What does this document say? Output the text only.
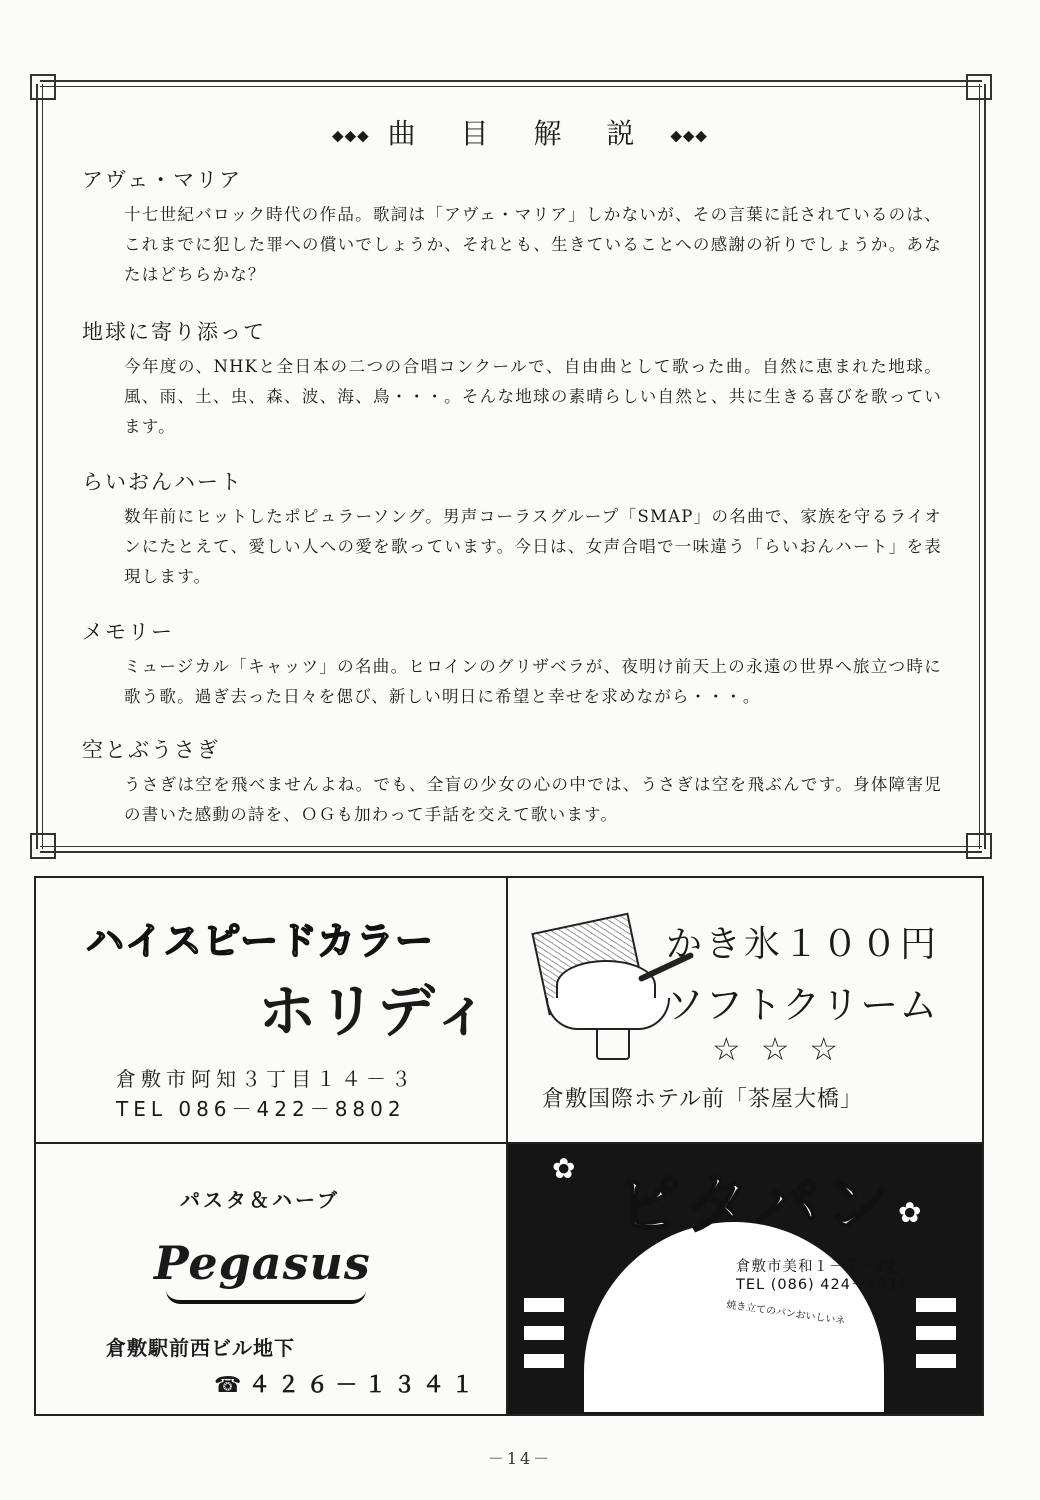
◆◆◆ 曲 目 解 説 ◆◆◆
アヴェ・マリア

十七世紀バロック時代の作品。歌詞は「アヴェ・マリア」しかないが、その言葉に託されているのは、これまでに犯した罪への償いでしょうか、それとも、生きていることへの感謝の祈りでしょうか。あなたはどちらかな？

地球に寄り添って

今年度の、NHKと全日本の二つの合唱コンクールで、自由曲として歌った曲。自然に恵まれた地球。風、雨、土、虫、森、波、海、鳥・・・。そんな地球の素晴らしい自然と、共に生きる喜びを歌っています。

らいおんハート

数年前にヒットしたポピュラーソング。男声コーラスグループ「SMAP」の名曲で、家族を守るライオンにたとえて、愛しい人への愛を歌っています。今日は、女声合唱で一味違う「らいおんハート」を表現します。

メモリー

ミュージカル「キャッツ」の名曲。ヒロインのグリザベラが、夜明け前天上の永遠の世界へ旅立つ時に歌う歌。過ぎ去った日々を偲び、新しい明日に希望と幸せを求めながら・・・。

空とぶうさぎ

うさぎは空を飛べませんよね。でも、全盲の少女の心の中では、うさぎは空を飛ぶんです。身体障害児の書いた感動の詩を、ＯＧも加わって手話を交えて歌います。

ハイスピードカラー
ホリディ
倉敷市阿知３丁目１４－３
TEL 086－422－8802
かき氷１００円
ソフトクリーム
☆☆☆
倉敷国際ホテル前「茶屋大橋」
パスタ＆ハーブ
Pegasus
倉敷駅前西ビル地下
☎４２６－１３４１
✿
✿
ピタパン
倉敷市美和１－７－22
TEL (086) 424－4034
焼き立てのパンおいしいネ
－14－
